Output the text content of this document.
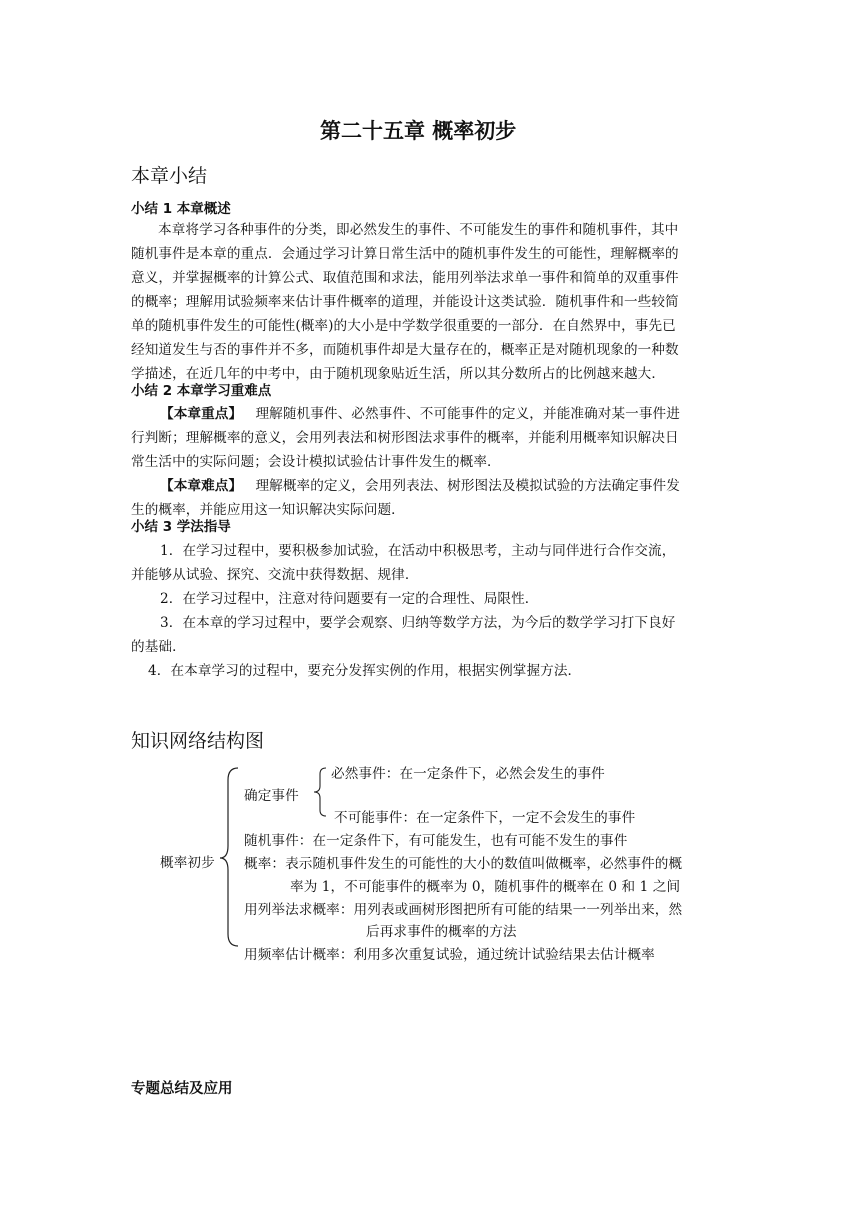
第二十五章 概率初步
本章小结
小结 1 本章概述
本章将学习各种事件的分类，即必然发生的事件、不可能发生的事件和随机事件，其中
随机事件是本章的重点．会通过学习计算日常生活中的随机事件发生的可能性，理解概率的
意义，并掌握概率的计算公式、取值范围和求法，能用列举法求单一事件和简单的双重事件
的概率；理解用试验频率来估计事件概率的道理，并能设计这类试验．随机事件和一些较简
单的随机事件发生的可能性(概率)的大小是中学数学很重要的一部分．在自然界中，事先已
经知道发生与否的事件并不多，而随机事件却是大量存在的，概率正是对随机现象的一种数
学描述，在近几年的中考中，由于随机现象贴近生活，所以其分数所占的比例越来越大．
小结 2 本章学习重难点
【本章重点】 理解随机事件、必然事件、不可能事件的定义，并能准确对某一事件进
行判断；理解概率的意义，会用列表法和树形图法求事件的概率，并能利用概率知识解决日
常生活中的实际问题；会设计模拟试验估计事件发生的概率．
【本章难点】 理解概率的定义，会用列表法、树形图法及模拟试验的方法确定事件发
生的概率，并能应用这一知识解决实际问题．
小结 3 学法指导
1．在学习过程中，要积极参加试验，在活动中积极思考，主动与同伴进行合作交流，
并能够从试验、探究、交流中获得数据、规律．
2．在学习过程中，注意对待问题要有一定的合理性、局限性．
3．在本章的学习过程中，要学会观察、归纳等数学方法，为今后的数学学习打下良好
的基础．
4．在本章学习的过程中，要充分发挥实例的作用，根据实例掌握方法．
知识网络结构图
概率初步
确定事件
必然事件：在一定条件下，必然会发生的事件
不可能事件：在一定条件下，一定不会发生的事件
随机事件：在一定条件下，有可能发生，也有可能不发生的事件
概率：表示随机事件发生的可能性的大小的数值叫做概率，必然事件的概
率为 1，不可能事件的概率为 0，随机事件的概率在 0 和 1 之间
用列举法求概率：用列表或画树形图把所有可能的结果一一列举出来，然
后再求事件的概率的方法
用频率估计概率：利用多次重复试验，通过统计试验结果去估计概率
专题总结及应用
